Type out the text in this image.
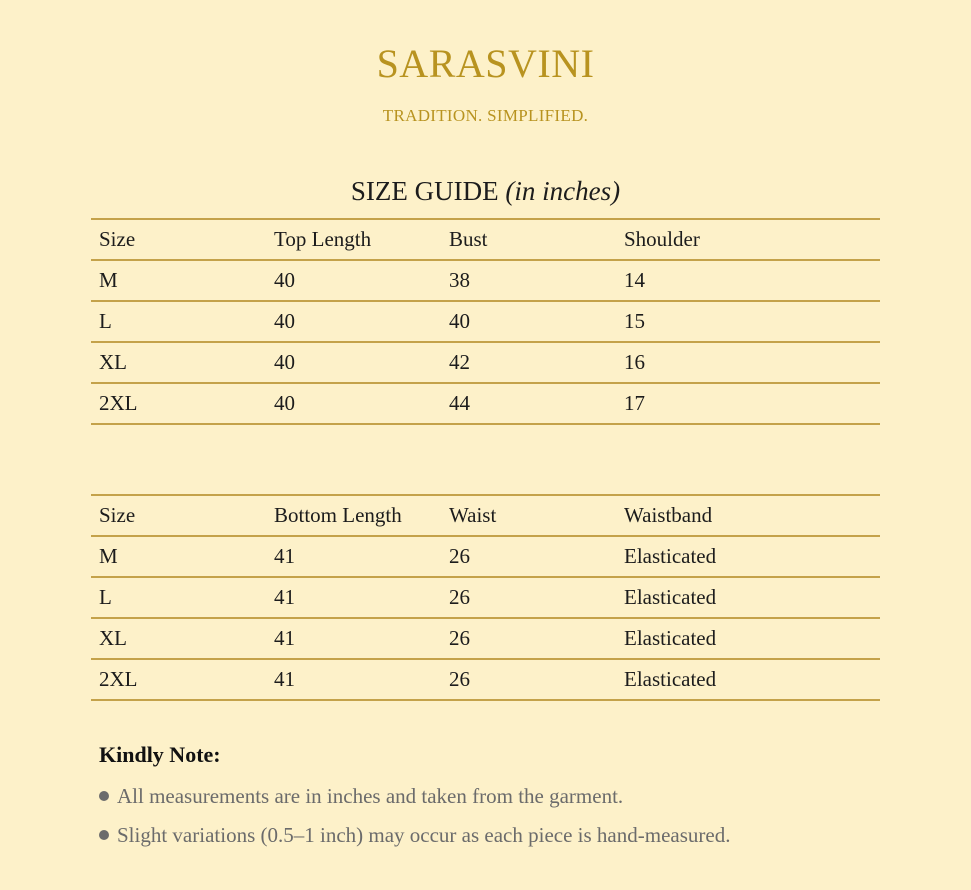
SARASVINI
TRADITION. SIMPLIFIED.
SIZE GUIDE (in inches)
Size	Top Length	Bust	Shoulder
M	40	38	14
L	40	40	15
XL	40	42	16
2XL	40	44	17
Size	Bottom Length	Waist	Waistband
M	41	26	Elasticated
L	41	26	Elasticated
XL	41	26	Elasticated
2XL	41	26	Elasticated
Kindly Note:
All measurements are in inches and taken from the garment.
Slight variations (0.5–1 inch) may occur as each piece is hand-measured.
